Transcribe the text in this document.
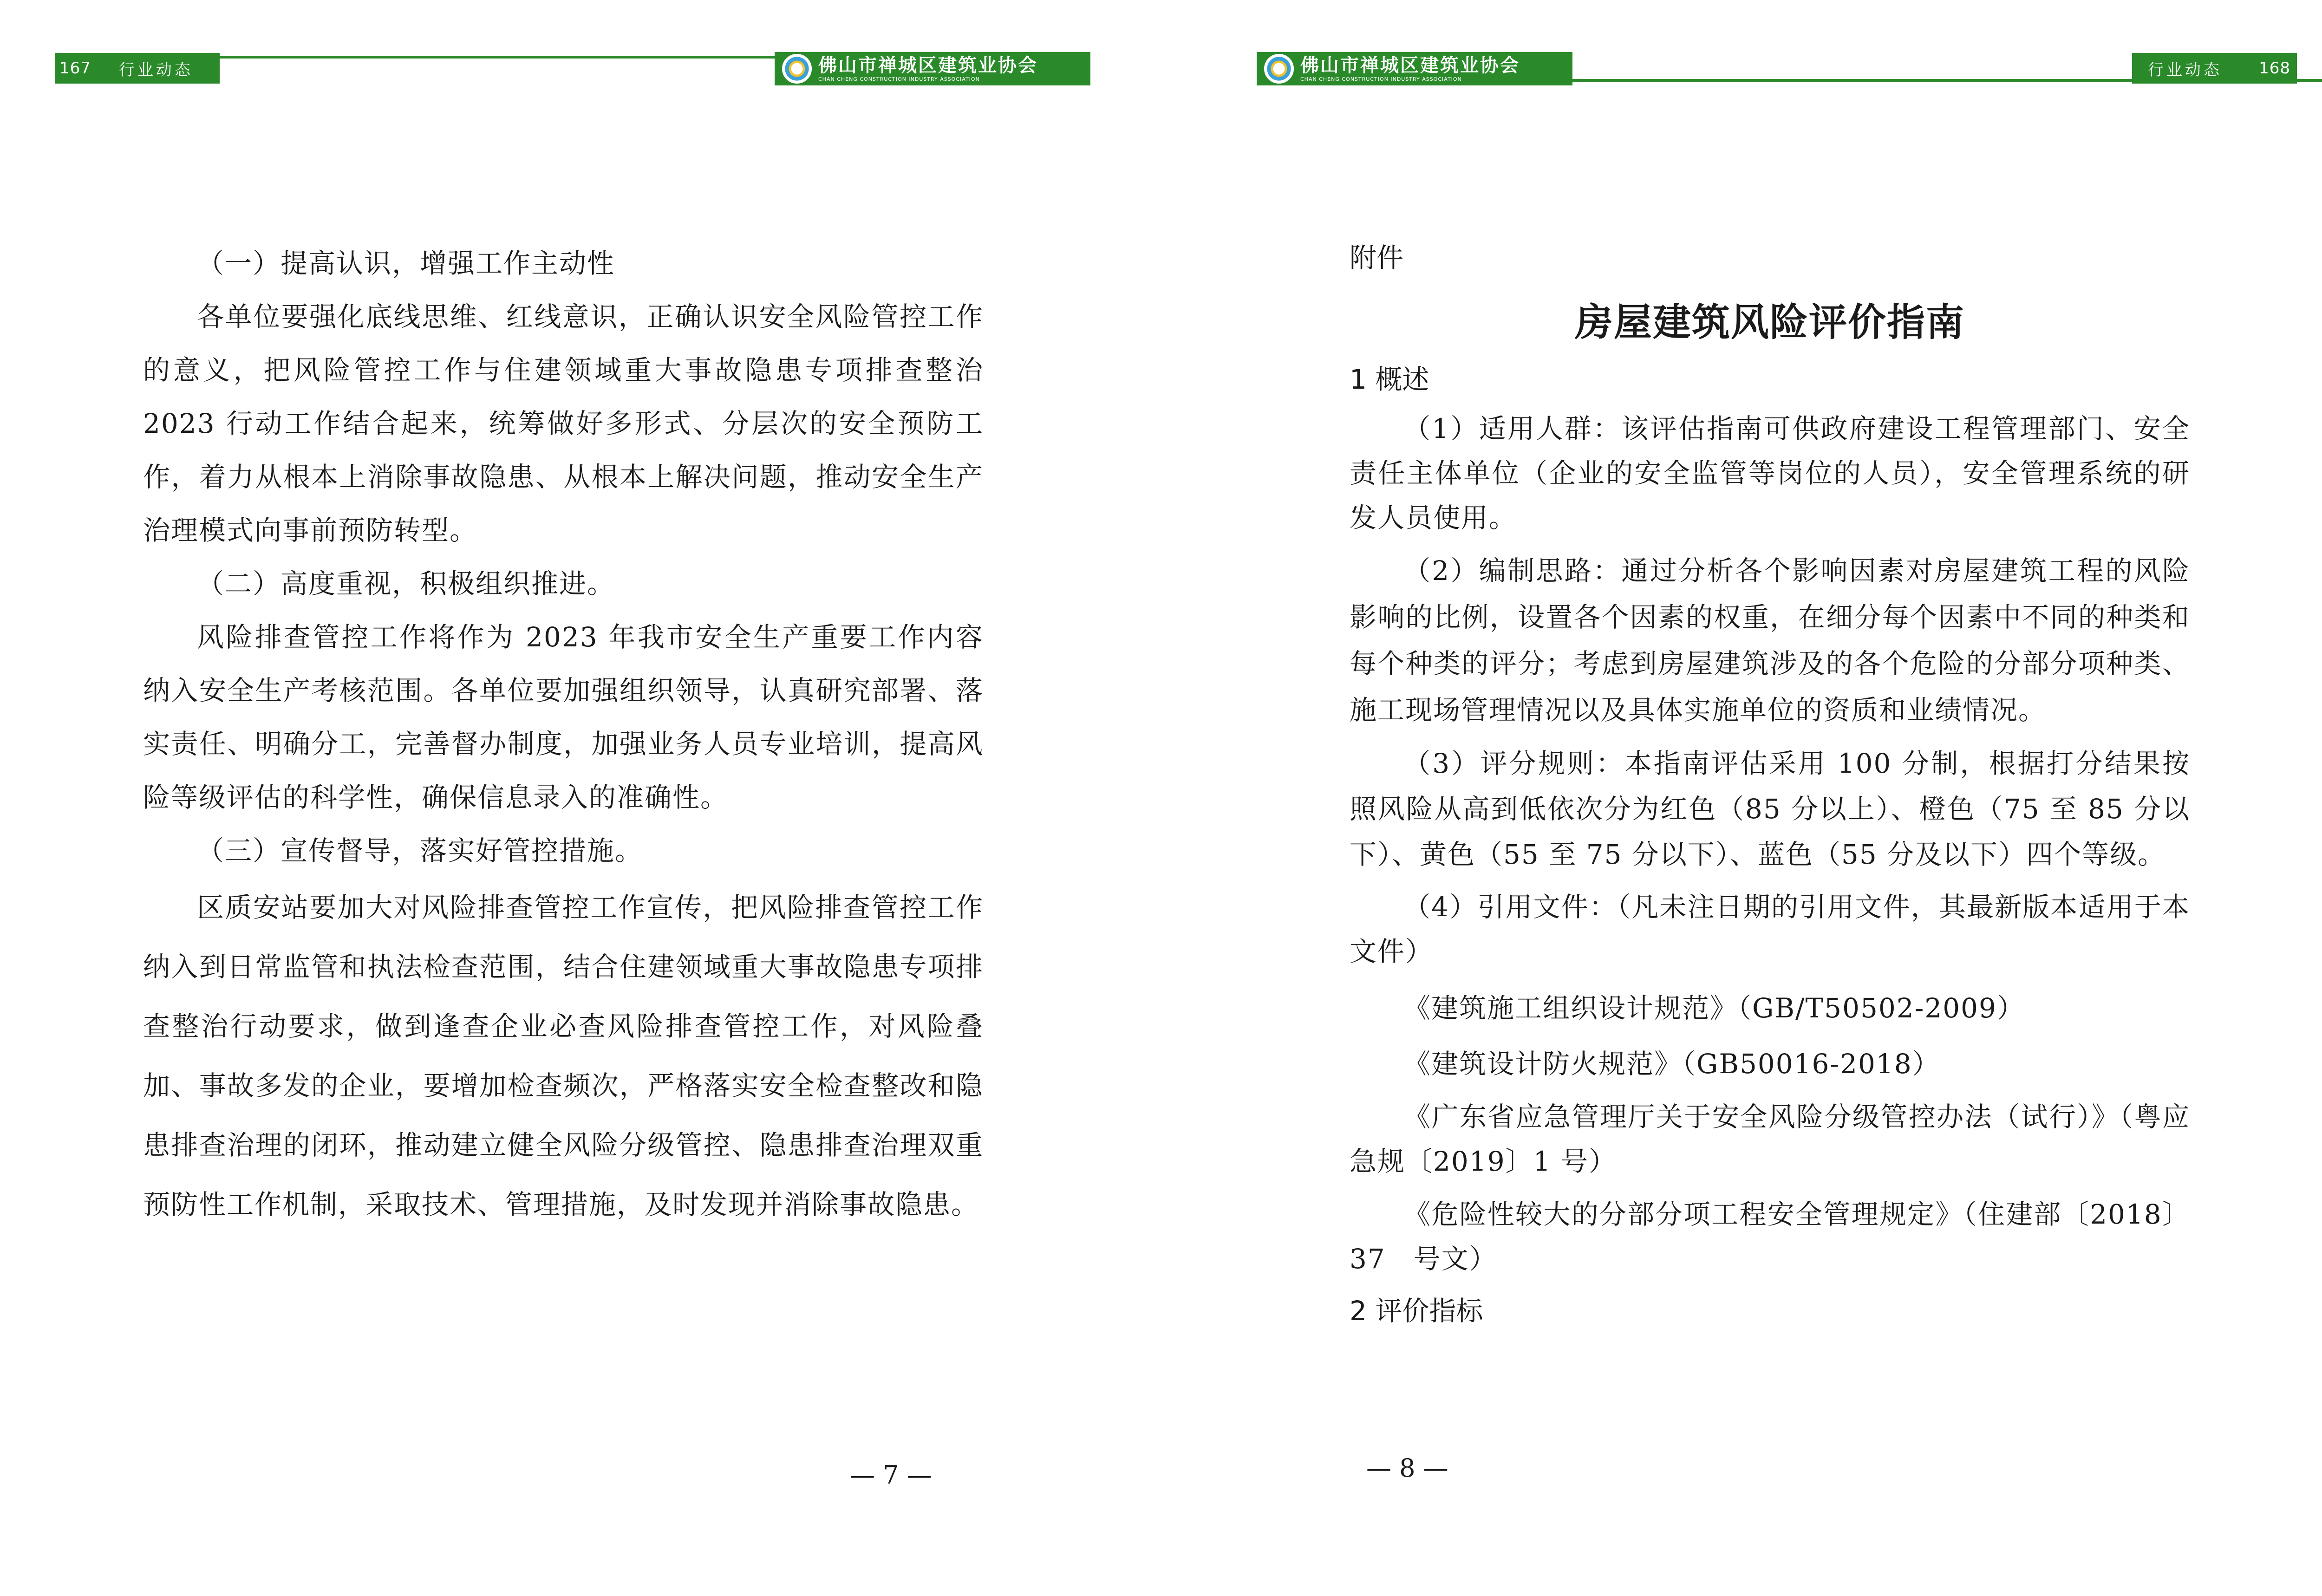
167 行业动态	佛山市禅城区建筑业协会
CHAN CHENG CONSTRUCTION INDUSTRY ASSOCIATION

（一）提高认识，增强工作主动性

各单位要强化底线思维、红线意识，正确认识安全风险管控工作的意义，把风险管控工作与住建领域重大事故隐患专项排查整治 2023 行动工作结合起来，统筹做好多形式、分层次的安全预防工作，着力从根本上消除事故隐患、从根本上解决问题，推动安全生产治理模式向事前预防转型。

（二）高度重视，积极组织推进。

风险排查管控工作将作为 2023 年我市安全生产重要工作内容纳入安全生产考核范围。各单位要加强组织领导，认真研究部署、落实责任、明确分工，完善督办制度，加强业务人员专业培训，提高风险等级评估的科学性，确保信息录入的准确性。

（三）宣传督导，落实好管控措施。

区质安站要加大对风险排查管控工作宣传，把风险排查管控工作纳入到日常监管和执法检查范围，结合住建领域重大事故隐患专项排查整治行动要求，做到逢查企业必查风险排查管控工作，对风险叠加、事故多发的企业，要增加检查频次，严格落实安全检查整改和隐患排查治理的闭环，推动建立健全风险分级管控、隐患排查治理双重预防性工作机制，采取技术、管理措施，及时发现并消除事故隐患。

— 7 —
佛山市禅城区建筑业协会
CHAN CHENG CONSTRUCTION INDUSTRY ASSOCIATION	行业动态 168

附件

房屋建筑风险评价指南

1 概述

（1）适用人群：该评估指南可供政府建设工程管理部门、安全责任主体单位（企业的安全监管等岗位的人员），安全管理系统的研发人员使用。

（2）编制思路：通过分析各个影响因素对房屋建筑工程的风险影响的比例，设置各个因素的权重，在细分每个因素中不同的种类和每个种类的评分；考虑到房屋建筑涉及的各个危险的分部分项种类、施工现场管理情况以及具体实施单位的资质和业绩情况。

（3）评分规则：本指南评估采用 100 分制，根据打分结果按照风险从高到低依次分为红色（85 分以上）、橙色（75 至 85 分以下）、黄色（55 至 75 分以下）、蓝色（55 分及以下）四个等级。

（4）引用文件：（凡未注日期的引用文件，其最新版本适用于本文件）

《建筑施工组织设计规范》（GB/T50502-2009）

《建筑设计防火规范》（GB50016-2018）

《广东省应急管理厅关于安全风险分级管控办法（试行）》（粤应急规〔2019〕1 号）

《危险性较大的分部分项工程安全管理规定》（住建部〔2018〕37　号文）

2 评价指标

— 8 —
